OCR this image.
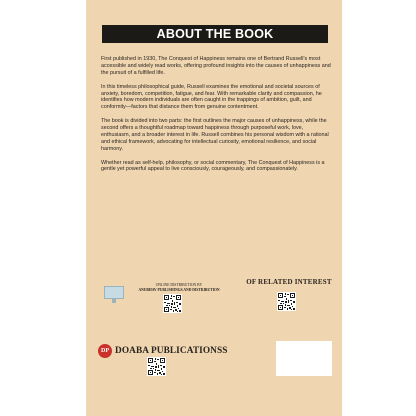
ABOUT THE BOOK

First published in 1930, The Conquest of Happiness remains one of Bertrand Russell's most accessible and widely read works, offering profound insights into the causes of unhappiness and the pursuit of a fulfilled life.

In this timeless philosophical guide, Russell examines the emotional and societal sources of anxiety, boredom, competition, fatigue, and fear. With remarkable clarity and compassion, he identifies how modern individuals are often caught in the trappings of ambition, guilt, and conformity—factors that distance them from genuine contentment.

The book is divided into two parts: the first outlines the major causes of unhappiness, while the second offers a thoughtful roadmap toward happiness through purposeful work, love, enthusiasm, and a broader interest in life. Russell combines his personal wisdom with a rational and ethical framework, advocating for intellectual curiosity, emotional resilience, and social harmony.

Whether read as self-help, philosophy, or social commentary, The Conquest of Happiness is a gentle yet powerful appeal to live consciously, courageously, and compassionately.

ONLINE DISTRIBUTION BY
ANUBHAV PUBLISHINGS AND DISTRIBUTION
OF RELATED INTEREST
DP DOABA PUBLICATIONSS
